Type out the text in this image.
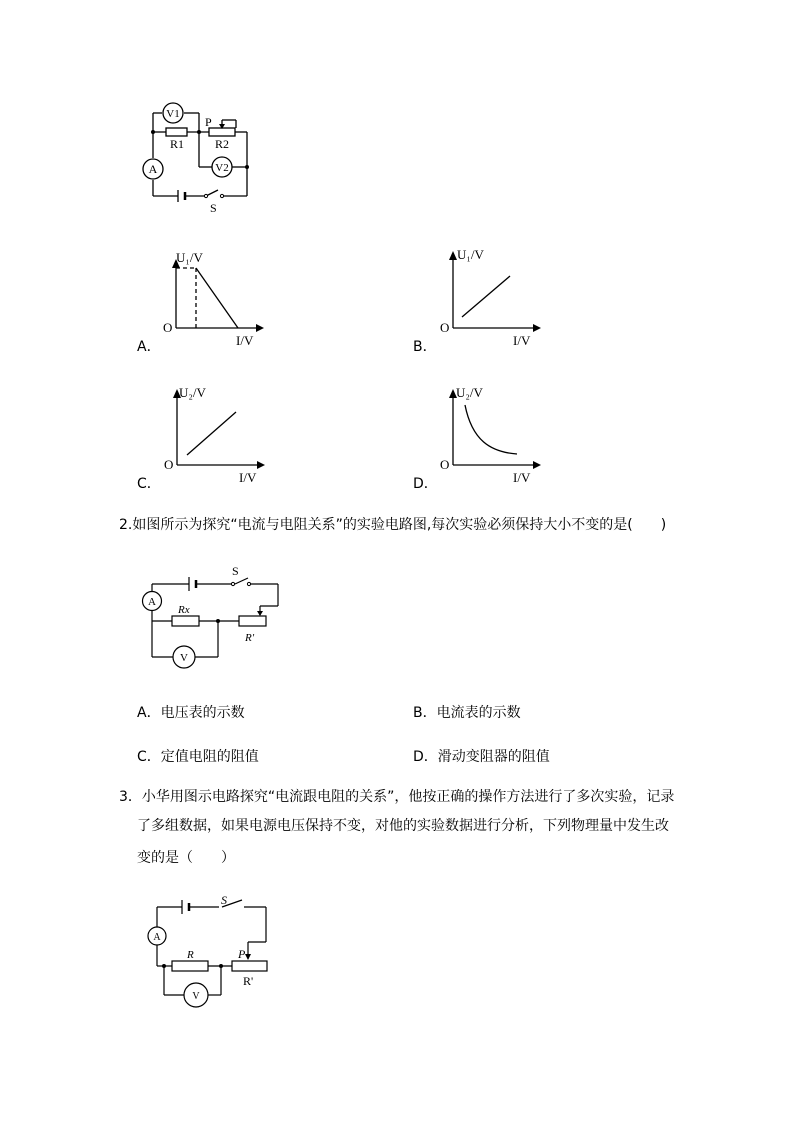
V1
P
R1	R2
A	V2
S
U₁/V
O
I/V
A．
U₁/V
O
I/V
B．
U₂/V
O
I/V
C．
U₂/V
O
I/V
D．
2.如图所示为探究“电流与电阻关系”的实验电路图,每次实验必须保持大小不变的是(　　)
S
A
Rx
R′
V
A．电压表的示数	B．电流表的示数
C．定值电阻的阻值	D．滑动变阻器的阻值
3．小华用图示电路探究“电流跟电阻的关系”，他按正确的操作方法进行了多次实验，记录
了多组数据，如果电源电压保持不变，对他的实验数据进行分析，下列物理量中发生改
变的是（　　）
S
A
R	P
R'
V
